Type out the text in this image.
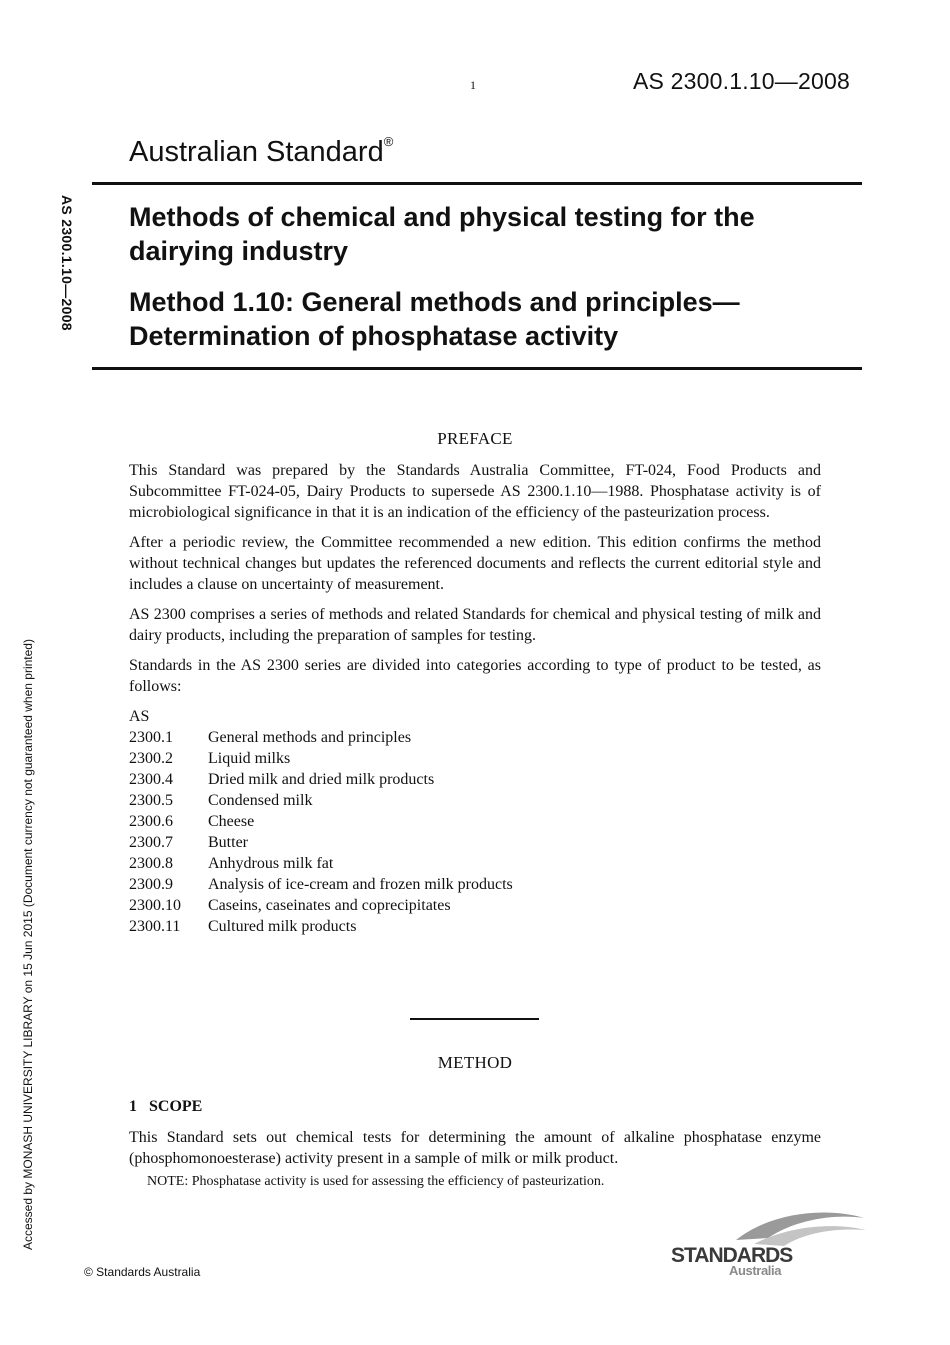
1	AS 2300.1.10—2008
Australian Standard®
AS 2300.1.10—2008 Methods of chemical and physical testing for the dairying industry
Method 1.10: General methods and principles—Determination of phosphatase activity
Accessed by MONASH UNIVERSITY LIBRARY on 15 Jun 2015 (Document currency not guaranteed when printed)
PREFACE

This Standard was prepared by the Standards Australia Committee, FT-024, Food Products and Subcommittee FT-024-05, Dairy Products to supersede AS 2300.1.10—1988. Phosphatase activity is of microbiological significance in that it is an indication of the efficiency of the pasteurization process.

After a periodic review, the Committee recommended a new edition. This edition confirms the method without technical changes but updates the referenced documents and reflects the current editorial style and includes a clause on uncertainty of measurement.

AS 2300 comprises a series of methods and related Standards for chemical and physical testing of milk and dairy products, including the preparation of samples for testing.

Standards in the AS 2300 series are divided into categories according to type of product to be tested, as follows:

AS
2300.1	General methods and principles
2300.2	Liquid milks
2300.4	Dried milk and dried milk products
2300.5	Condensed milk
2300.6	Cheese
2300.7	Butter
2300.8	Anhydrous milk fat
2300.9	Analysis of ice-cream and frozen milk products
2300.10	Caseins, caseinates and coprecipitates
2300.11	Cultured milk products
METHOD
1 SCOPE

This Standard sets out chemical tests for determining the amount of alkaline phosphatase enzyme (phosphomonoesterase) activity present in a sample of milk or milk product.

NOTE: Phosphatase activity is used for assessing the efficiency of pasteurization.
© Standards Australia
STANDARDS
Australia
